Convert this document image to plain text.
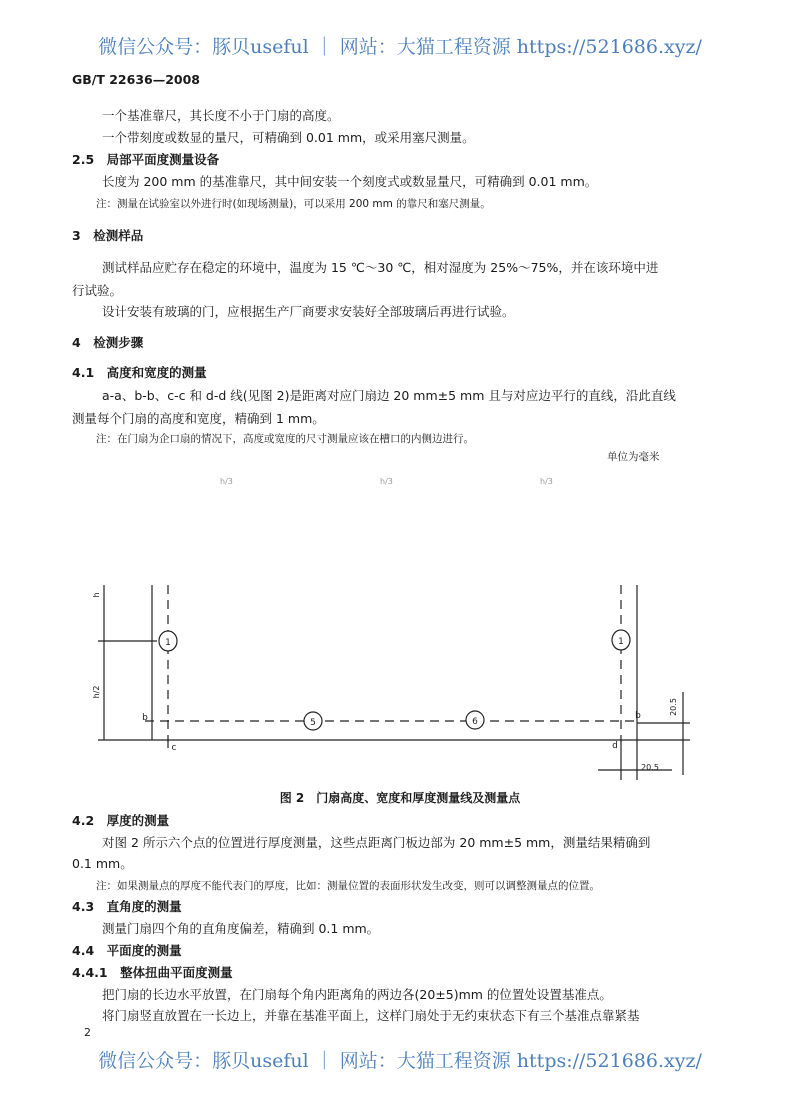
微信公众号：豚贝useful ｜ 网站：大猫工程资源 https://521686.xyz/
微信公众号：豚贝useful ｜ 网站：大猫工程资源 https://521686.xyz/
GB/T 22636—2008
一个基准靠尺，其长度不小于门扇的高度。
一个带刻度或数显的量尺，可精确到 0.01 mm，或采用塞尺测量。
2.5　局部平面度测量设备
长度为 200 mm 的基准靠尺，其中间安装一个刻度式或数显量尺，可精确到 0.01 mm。
注：测量在试验室以外进行时(如现场测量)，可以采用 200 mm 的靠尺和塞尺测量。
3　检测样品
测试样品应贮存在稳定的环境中，温度为 15 ℃～30 ℃，相对湿度为 25%～75%，并在该环境中进
行试验。
设计安装有玻璃的门，应根据生产厂商要求安装好全部玻璃后再进行试验。
4　检测步骤
4.1　高度和宽度的测量
a-a、b-b、c-c 和 d-d 线(见图 2)是距离对应门扇边 20 mm±5 mm 且与对应边平行的直线，沿此直线
测量每个门扇的高度和宽度，精确到 1 mm。
注：在门扇为企口扇的情况下，高度或宽度的尺寸测量应该在槽口的内侧边进行。
单位为毫米
h/3	h/3	h/3
1	1
5	6
b	b
c	d
20.5
h
h/2
20.5
图 2　门扇高度、宽度和厚度测量线及测量点
4.2　厚度的测量
对图 2 所示六个点的位置进行厚度测量，这些点距离门板边部为 20 mm±5 mm，测量结果精确到
0.1 mm。
注：如果测量点的厚度不能代表门的厚度，比如：测量位置的表面形状发生改变，则可以调整测量点的位置。
4.3　直角度的测量
测量门扇四个角的直角度偏差，精确到 0.1 mm。
4.4　平面度的测量
4.4.1　整体扭曲平面度测量
把门扇的长边水平放置，在门扇每个角内距离角的两边各(20±5)mm 的位置处设置基准点。
将门扇竖直放置在一长边上，并靠在基准平面上，这样门扇处于无约束状态下有三个基准点靠紧基
2
